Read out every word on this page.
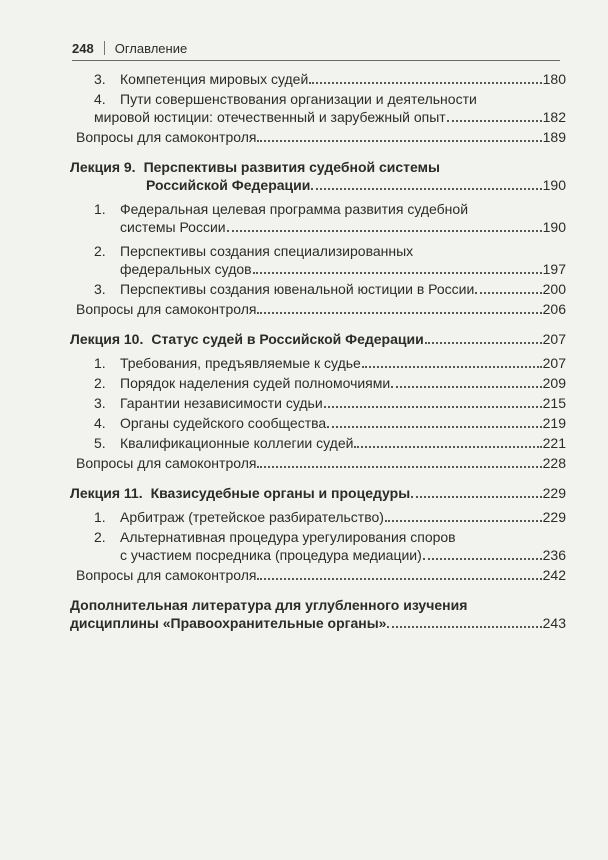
248 Оглавление
3.	Компетенция мировых судей	180
4.	Пути совершенствования организации и деятельности
мировой юстиции: отечественный и зарубежный опыт	182
Вопросы для самоконтроля	189
Лекция 9. Перспективы развития судебной системы
Российской Федерации	190
1.	Федеральная целевая программа развития судебной
системы России	190
2.	Перспективы создания специализированных
федеральных судов	197
3.	Перспективы создания ювенальной юстиции в России	200
Вопросы для самоконтроля	206
Лекция 10. Статус судей в Российской Федерации	207
1.	Требования, предъявляемые к судье	207
2.	Порядок наделения судей полномочиями	209
3.	Гарантии независимости судьи	215
4.	Органы судейского сообщества	219
5.	Квалификационные коллегии судей	221
Вопросы для самоконтроля	228
Лекция 11. Квазисудебные органы и процедуры	229
1.	Арбитраж (третейское разбирательство)	229
2.	Альтернативная процедура урегулирования споров
с участием посредника (процедура медиации)	236
Вопросы для самоконтроля	242
Дополнительная литература для углубленного изучения
дисциплины «Правоохранительные органы»	243
